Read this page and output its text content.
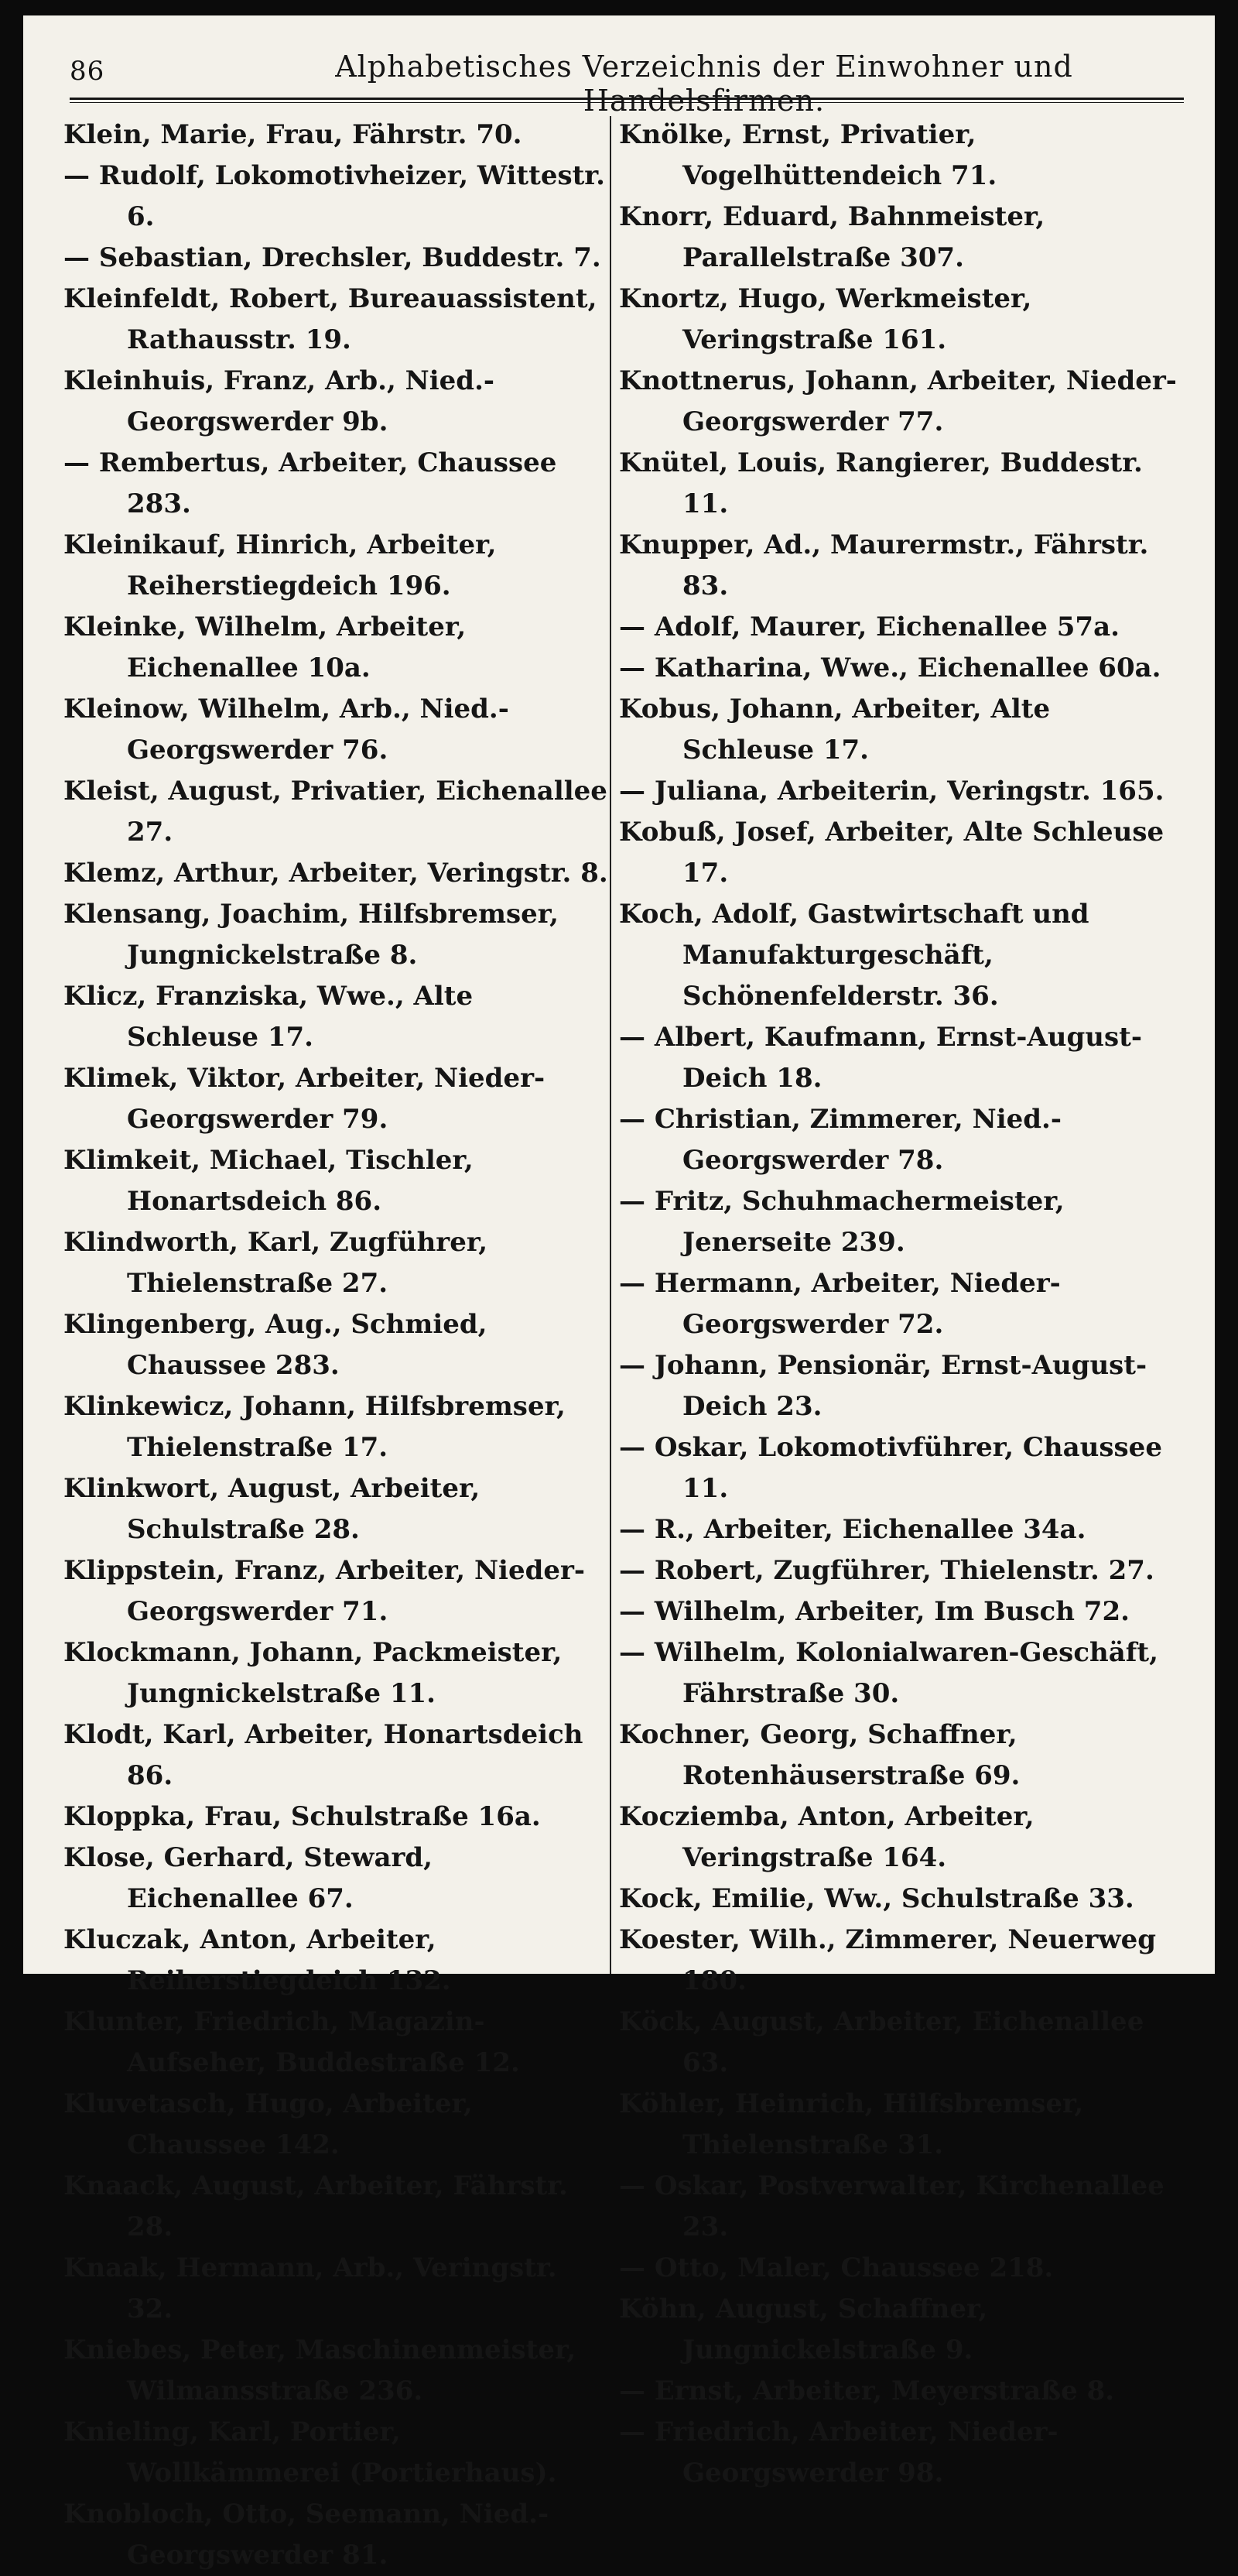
86	Alphabetisches Verzeichnis der Einwohner und Handelsfirmen.

Klein, Marie, Frau, Fährstr. 70.

— Rudolf, Lokomotivheizer, Wittestr. 6.

— Sebastian, Drechsler, Buddestr. 7.

Kleinfeldt, Robert, Bureauassistent, Rathausstr. 19.

Kleinhuis, Franz, Arb., Nied.-Georgswerder 9b.

— Rembertus, Arbeiter, Chaussee 283.

Kleinikauf, Hinrich, Arbeiter, Reiherstiegdeich 196.

Kleinke, Wilhelm, Arbeiter, Eichenallee 10a.

Kleinow, Wilhelm, Arb., Nied.-Georgswerder 76.

Kleist, August, Privatier, Eichenallee 27.

Klemz, Arthur, Arbeiter, Veringstr. 8.

Klensang, Joachim, Hilfsbremser, Jungnickelstraße 8.

Klicz, Franziska, Wwe., Alte Schleuse 17.

Klimek, Viktor, Arbeiter, Nieder-Georgswerder 79.

Klimkeit, Michael, Tischler, Honartsdeich 86.

Klindworth, Karl, Zugführer, Thielenstraße 27.

Klingenberg, Aug., Schmied, Chaussee 283.

Klinkewicz, Johann, Hilfsbremser, Thielenstraße 17.

Klinkwort, August, Arbeiter, Schulstraße 28.

Klippstein, Franz, Arbeiter, Nieder-Georgswerder 71.

Klockmann, Johann, Packmeister, Jungnickelstraße 11.

Klodt, Karl, Arbeiter, Honartsdeich 86.

Kloppka, Frau, Schulstraße 16a.

Klose, Gerhard, Steward, Eichenallee 67.

Kluczak, Anton, Arbeiter, Reiherstiegdeich 132.

Klunter, Friedrich, Magazin-Aufseher, Buddestraße 12.

Kluvetasch, Hugo, Arbeiter, Chaussee 142.

Knaack, August, Arbeiter, Fährstr. 28.

Knaak, Hermann, Arb., Veringstr. 32.

Kniebes, Peter, Maschinenmeister, Wilmansstraße 236.

Knieling, Karl, Portier, Wollkämmerei (Portierhaus).

Knobloch, Otto, Seemann, Nied.-Georgswerder 81.

Knölke, Ernst, Privatier, Vogelhüttendeich 71.

Knorr, Eduard, Bahnmeister, Parallelstraße 307.

Knortz, Hugo, Werkmeister, Veringstraße 161.

Knottnerus, Johann, Arbeiter, Nieder-Georgswerder 77.

Knütel, Louis, Rangierer, Buddestr. 11.

Knupper, Ad., Maurermstr., Fährstr. 83.

— Adolf, Maurer, Eichenallee 57a.

— Katharina, Wwe., Eichenallee 60a.

Kobus, Johann, Arbeiter, Alte Schleuse 17.

— Juliana, Arbeiterin, Veringstr. 165.

Kobuß, Josef, Arbeiter, Alte Schleuse 17.

Koch, Adolf, Gastwirtschaft und Manufakturgeschäft, Schönenfelderstr. 36.

— Albert, Kaufmann, Ernst-August-Deich 18.

— Christian, Zimmerer, Nied.-Georgswerder 78.

— Fritz, Schuhmachermeister, Jenerseite 239.

— Hermann, Arbeiter, Nieder-Georgswerder 72.

— Johann, Pensionär, Ernst-August-Deich 23.

— Oskar, Lokomotivführer, Chaussee 11.

— R., Arbeiter, Eichenallee 34a.

— Robert, Zugführer, Thielenstr. 27.

— Wilhelm, Arbeiter, Im Busch 72.

— Wilhelm, Kolonialwaren-Geschäft, Fährstraße 30.

Kochner, Georg, Schaffner, Rotenhäuserstraße 69.

Kocziemba, Anton, Arbeiter, Veringstraße 164.

Kock, Emilie, Ww., Schulstraße 33.

Koester, Wilh., Zimmerer, Neuerweg 180.

Köck, August, Arbeiter, Eichenallee 63.

Köhler, Heinrich, Hilfsbremser, Thielenstraße 31.

— Oskar, Postverwalter, Kirchenallee 23.

— Otto, Maler, Chaussee 218.

Köhn, August, Schaffner, Jungnickelstraße 9.

— Ernst, Arbeiter, Meyerstraße 8.

— Friedrich, Arbeiter, Nieder-Georgswerder 98.
